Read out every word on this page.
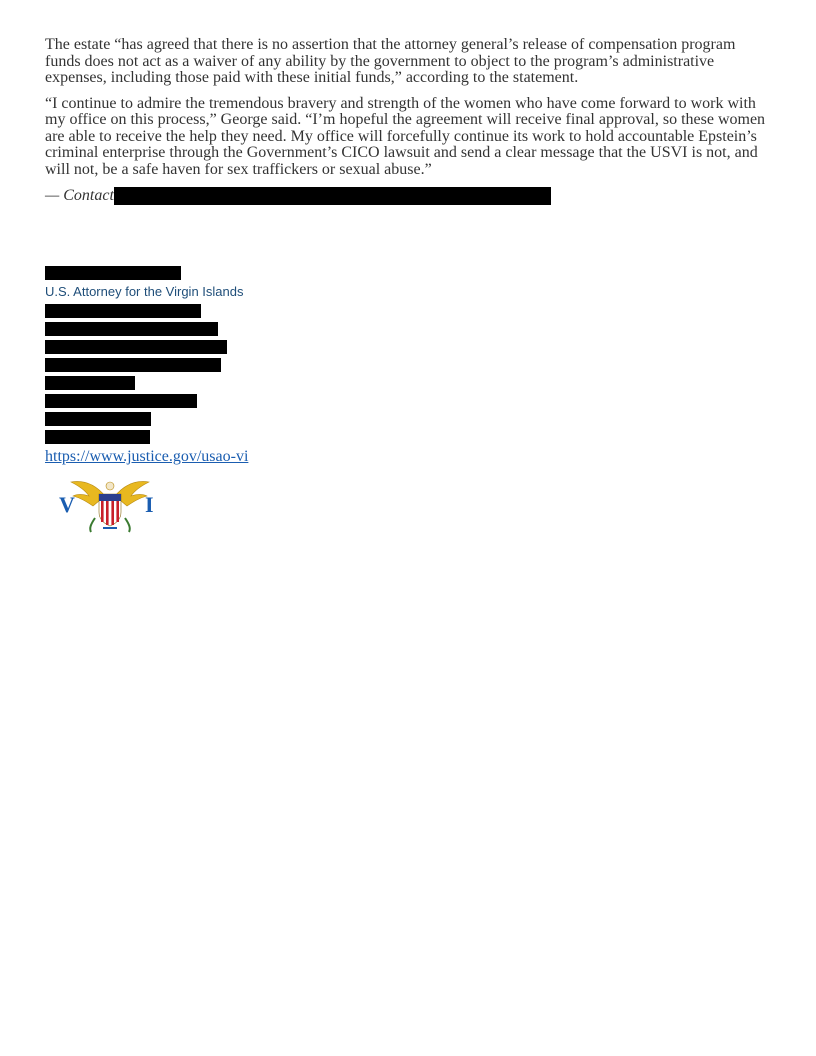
The estate “has agreed that there is no assertion that the attorney general’s release of compensation program funds does not act as a waiver of any ability by the government to object to the program’s administrative expenses, including those paid with these initial funds,” according to the statement.

“I continue to admire the tremendous bravery and strength of the women who have come forward to work with my office on this process,” George said. “I’m hopeful the agreement will receive final approval, so these women are able to receive the help they need. My office will forcefully continue its work to hold accountable Epstein’s criminal enterprise through the Government’s CICO lawsuit and send a clear message that the USVI is not, and will not, be a safe haven for sex traffickers or sexual abuse.”

— Contact
U.S. Attorney for the Virgin Islands
https://www.justice.gov/usao-vi
V	I
